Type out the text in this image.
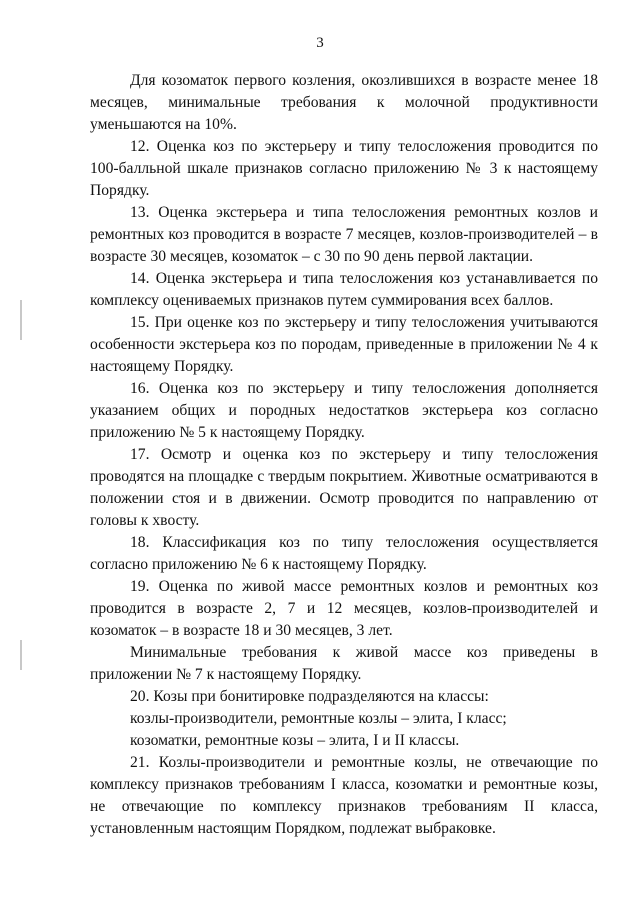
3

Для козоматок первого козления, окозлившихся в возрасте менее 18 месяцев, минимальные требования к молочной продуктивности уменьшаются на 10%.

12. Оценка коз по экстерьеру и типу телосложения проводится по 100-балльной шкале признаков согласно приложению № 3 к настоящему Порядку.

13. Оценка экстерьера и типа телосложения ремонтных козлов и ремонтных коз проводится в возрасте 7 месяцев, козлов-производителей – в возрасте 30 месяцев, козоматок – с 30 по 90 день первой лактации.

14. Оценка экстерьера и типа телосложения коз устанавливается по комплексу оцениваемых признаков путем суммирования всех баллов.

15. При оценке коз по экстерьеру и типу телосложения учитываются особенности экстерьера коз по породам, приведенные в приложении № 4 к настоящему Порядку.

16. Оценка коз по экстерьеру и типу телосложения дополняется указанием общих и породных недостатков экстерьера коз согласно приложению № 5 к настоящему Порядку.

17. Осмотр и оценка коз по экстерьеру и типу телосложения проводятся на площадке с твердым покрытием. Животные осматриваются в положении стоя и в движении. Осмотр проводится по направлению от головы к хвосту.

18. Классификация коз по типу телосложения осуществляется согласно приложению № 6 к настоящему Порядку.

19. Оценка по живой массе ремонтных козлов и ремонтных коз проводится в возрасте 2, 7 и 12 месяцев, козлов-производителей и козоматок – в возрасте 18 и 30 месяцев, 3 лет.

Минимальные требования к живой массе коз приведены в приложении № 7 к настоящему Порядку.

20. Козы при бонитировке подразделяются на классы:

козлы-производители, ремонтные козлы – элита, I класс;

козоматки, ремонтные козы – элита, I и II классы.

21. Козлы-производители и ремонтные козлы, не отвечающие по комплексу признаков требованиям I класса, козоматки и ремонтные козы, не отвечающие по комплексу признаков требованиям II класса, установленным настоящим Порядком, подлежат выбраковке.
